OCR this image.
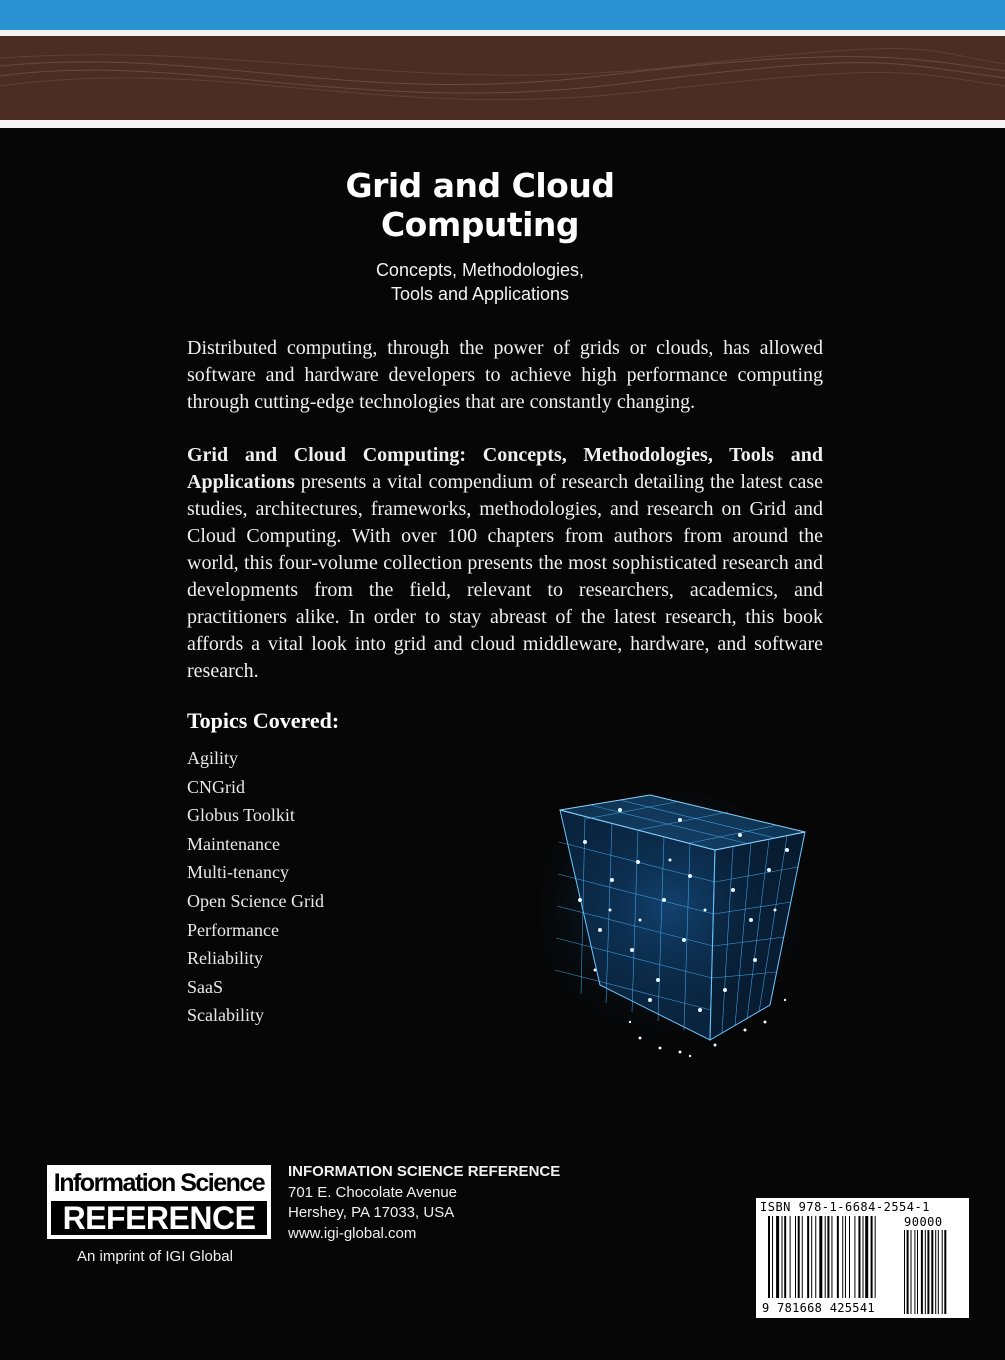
Grid and Cloud Computing
Concepts, Methodologies,
Tools and Applications
Distributed computing, through the power of grids or clouds, has allowed software and hardware developers to achieve high performance computing through cutting-edge technologies that are constantly changing.
Grid and Cloud Computing: Concepts, Methodologies, Tools and Applications presents a vital compendium of research detailing the latest case studies, architectures, frameworks, methodologies, and research on Grid and Cloud Computing. With over 100 chapters from authors from around the world, this four-volume collection presents the most sophisticated research and developments from the field, relevant to researchers, academics, and practitioners alike. In order to stay abreast of the latest research, this book affords a vital look into grid and cloud middleware, hardware, and software research.
Topics Covered:
Agility
CNGrid
Globus Toolkit
Maintenance
Multi-tenancy
Open Science Grid
Performance
Reliability
SaaS
Scalability
Information Science
REFERENCE
An imprint of IGI Global
INFORMATION SCIENCE REFERENCE
701 E. Chocolate Avenue
Hershey, PA 17033, USA
www.igi-global.com
ISBN 978-1-6684-2554-1
90000
9 781668 425541
